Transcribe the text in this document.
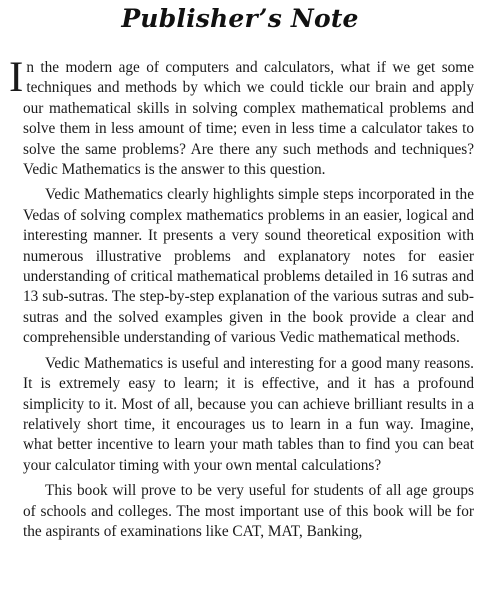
Publisher’s Note

I n the modern age of computers and calculators, what if we get some techniques and methods by which we could tickle our brain and apply our mathematical skills in solving complex mathematical problems and solve them in less amount of time; even in less time a calculator takes to solve the same problems? Are there any such methods and techniques? Vedic Mathematics is the answer to this question.

Vedic Mathematics clearly highlights simple steps incorporated in the Vedas of solving complex mathematics problems in an easier, logical and interesting manner. It presents a very sound theoretical exposition with numerous illustrative problems and explanatory notes for easier understanding of critical mathematical problems detailed in 16 sutras and 13 sub-sutras. The step-by-step explanation of the various sutras and sub-sutras and the solved examples given in the book provide a clear and comprehensible understanding of various Vedic mathematical methods.

Vedic Mathematics is useful and interesting for a good many reasons. It is extremely easy to learn; it is effective, and it has a profound simplicity to it. Most of all, because you can achieve brilliant results in a relatively short time, it encourages us to learn in a fun way. Imagine, what better incentive to learn your math tables than to find you can beat your calculator timing with your own mental calculations?

This book will prove to be very useful for students of all age groups of schools and colleges. The most important use of this book will be for the aspirants of examinations like CAT, MAT, Banking,
